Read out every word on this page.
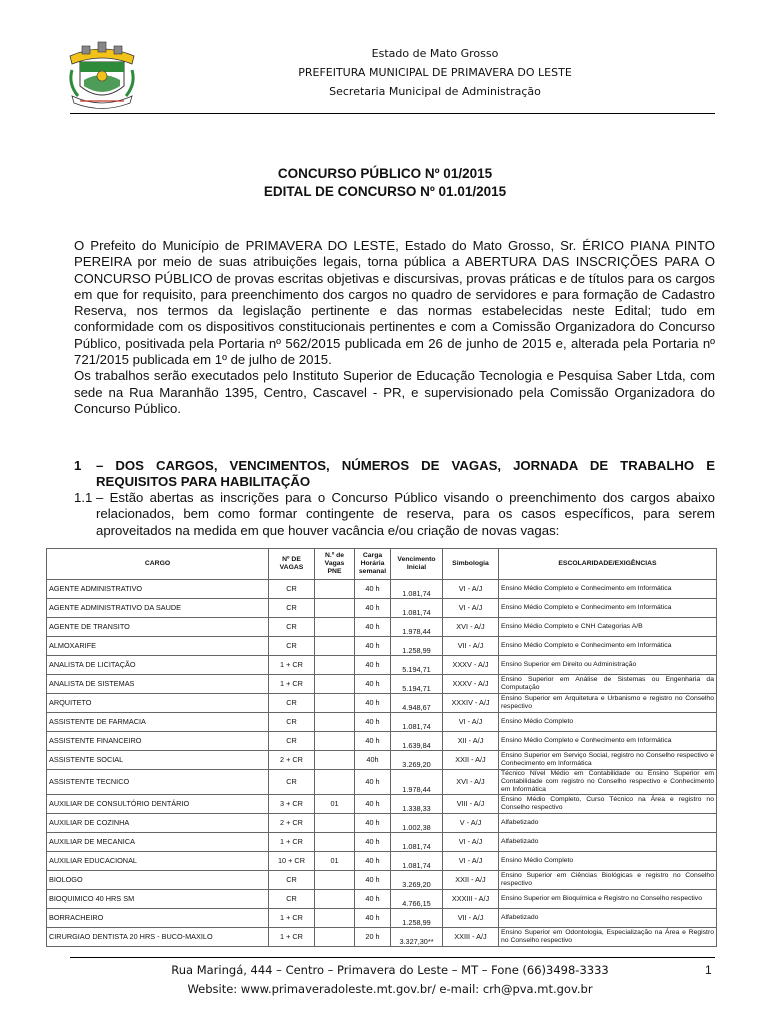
Estado de Mato Grosso
PREFEITURA MUNICIPAL DE PRIMAVERA DO LESTE
Secretaria Municipal de Administração
CONCURSO PÚBLICO Nº 01/2015
EDITAL DE CONCURSO Nº 01.01/2015

O Prefeito do Município de PRIMAVERA DO LESTE, Estado do Mato Grosso, Sr. ÉRICO PIANA PINTO PEREIRA por meio de suas atribuições legais, torna pública a ABERTURA DAS INSCRIÇÕES PARA O CONCURSO PÚBLICO de provas escritas objetivas e discursivas, provas práticas e de títulos para os cargos em que for requisito, para preenchimento dos cargos no quadro de servidores e para formação de Cadastro Reserva, nos termos da legislação pertinente e das normas estabelecidas neste Edital; tudo em conformidade com os dispositivos constitucionais pertinentes e com a Comissão Organizadora do Concurso Público, positivada pela Portaria nº 562/2015 publicada em 26 de junho de 2015 e, alterada pela Portaria nº 721/2015 publicada em 1º de julho de 2015.

Os trabalhos serão executados pelo Instituto Superior de Educação Tecnologia e Pesquisa Saber Ltda, com sede na Rua Maranhão 1395, Centro, Cascavel - PR, e supervisionado pela Comissão Organizadora do Concurso Público.

1 – DOS CARGOS, VENCIMENTOS, NÚMEROS DE VAGAS, JORNADA DE TRABALHO E REQUISITOS PARA HABILITAÇÃO
1.1 – Estão abertas as inscrições para o Concurso Público visando o preenchimento dos cargos abaixo relacionados, bem como formar contingente de reserva, para os casos específicos, para serem aproveitados na medida em que houver vacância e/ou criação de novas vagas:
CARGO	Nº DE VAGAS	N.º de Vagas PNE	Carga Horária semanal	Vencimento Inicial	Simbologia	ESCOLARIDADE/EXIGÊNCIAS
AGENTE ADMINISTRATIVO	CR		40 h	1.081,74	VI - A/J	Ensino Médio Completo e Conhecimento em Informática
AGENTE ADMINISTRATIVO DA SAUDE	CR		40 h	1.081,74	VI - A/J	Ensino Médio Completo e Conhecimento em Informática
AGENTE DE TRANSITO	CR		40 h	1.978,44	XVI - A/J	Ensino Médio Completo e CNH Categorias A/B
ALMOXARIFE	CR		40 h	1.258,99	VII - A/J	Ensino Médio Completo e Conhecimento em Informática
ANALISTA DE LICITAÇÃO	1 + CR		40 h	5.194,71	XXXV - A/J	Ensino Superior em Direito ou Administração
ANALISTA DE SISTEMAS	1 + CR		40 h	5.194,71	XXXV - A/J	Ensino Superior em Análise de Sistemas ou Engenharia da Computação
ARQUITETO	CR		40 h	4.948,67	XXXIV - A/J	Ensino Superior em Arquitetura e Urbanismo e registro no Conselho respectivo
ASSISTENTE DE FARMACIA	CR		40 h	1.081,74	VI - A/J	Ensino Médio Completo
ASSISTENTE FINANCEIRO	CR		40 h	1.639,84	XII - A/J	Ensino Médio Completo e Conhecimento em Informática
ASSISTENTE SOCIAL	2 + CR		40h	3.269,20	XXII - A/J	Ensino Superior em Serviço Social, registro no Conselho respectivo e Conhecimento em Informática
ASSISTENTE TECNICO	CR		40 h	1.978,44	XVI - A/J	Técnico Nível Médio em Contabilidade ou Ensino Superior em Contabilidade com registro no Conselho respectivo e Conhecimento em Informática
AUXILIAR DE CONSULTÓRIO DENTÁRIO	3 + CR	01	40 h	1.338,33	VIII - A/J	Ensino Médio Completo, Curso Técnico na Área e registro no Conselho respectivo
AUXILIAR DE COZINHA	2 + CR		40 h	1.002,38	V - A/J	Alfabetizado
AUXILIAR DE MECANICA	1 + CR		40 h	1.081,74	VI - A/J	Alfabetizado
AUXILIAR EDUCACIONAL	10 + CR	01	40 h	1.081,74	VI - A/J	Ensino Médio Completo
BIOLOGO	CR		40 h	3.269,20	XXII - A/J	Ensino Superior em Ciências Biológicas e registro no Conselho respectivo
BIOQUIMICO 40 HRS SM	CR		40 h	4.766,15	XXXIII - A/J	Ensino Superior em Bioquímica e Registro no Conselho respectivo
BORRACHEIRO	1 + CR		40 h	1.258,99	VII - A/J	Alfabetizado
CIRURGIAO DENTISTA 20 HRS - BUCO-MAXILO	1 + CR		20 h	3.327,30**	XXIII - A/J	Ensino Superior em Odontologia, Especialização na Área e Registro no Conselho respectivo
Rua Maringá, 444 – Centro – Primavera do Leste – MT – Fone (66)3498-3333
Website: www.primaveradoleste.mt.gov.br/ e-mail: crh@pva.mt.gov.br
1
